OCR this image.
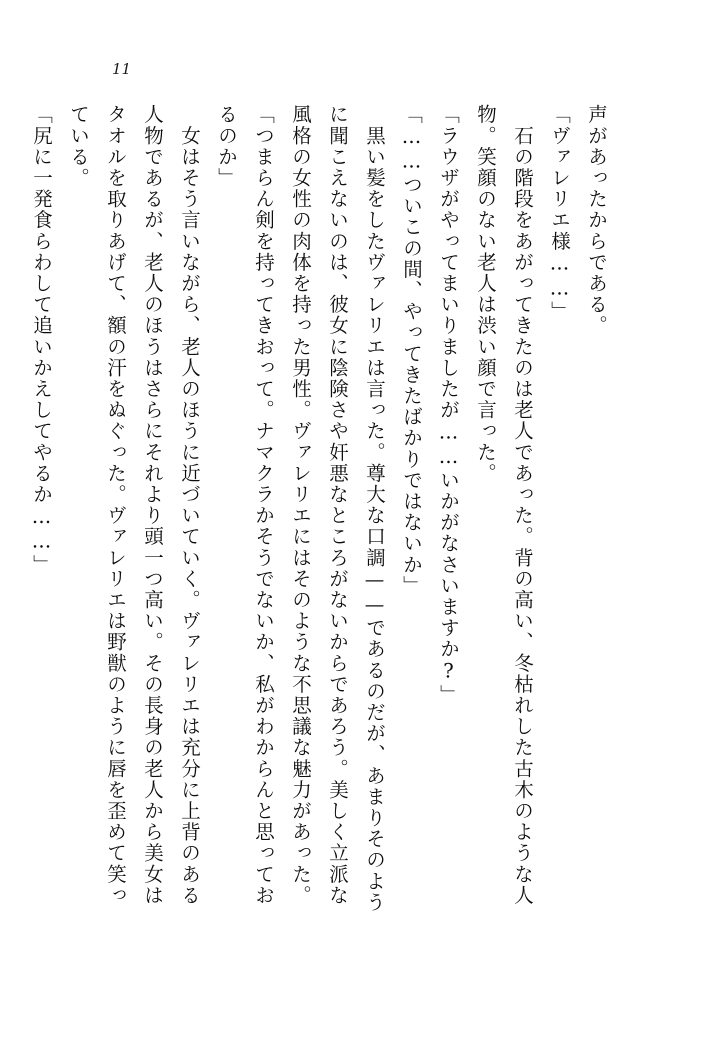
11

声があったからである。

「ヴァレリエ様……」

　石の階段をあがってきたのは老人であった。背の高い、冬枯れした古木のような人

物。笑顔のない老人は渋い顔で言った。

「ラウザがやってまいりましたが……いかがなさいますか?」

「……ついこの間、やってきたばかりではないか」

　黒い髪をしたヴァレリエは言った。尊大な口調——であるのだが、あまりそのよう

に聞こえないのは、彼女に陰険さや奸悪なところがないからであろう。美しく立派な

風格の女性の肉体を持った男性。ヴァレリエにはそのような不思議な魅力があった。

「つまらん剣を持ってきおって。ナマクラかそうでないか、私がわからんと思ってお

るのか」

　女はそう言いながら、老人のほうに近づいていく。ヴァレリエは充分に上背のある

人物であるが、老人のほうはさらにそれより頭一つ高い。その長身の老人から美女は

タオルを取りあげて、額の汗をぬぐった。ヴァレリエは野獣のように唇を歪めて笑っ

ている。

「尻に一発食らわして追いかえしてやるか……」
